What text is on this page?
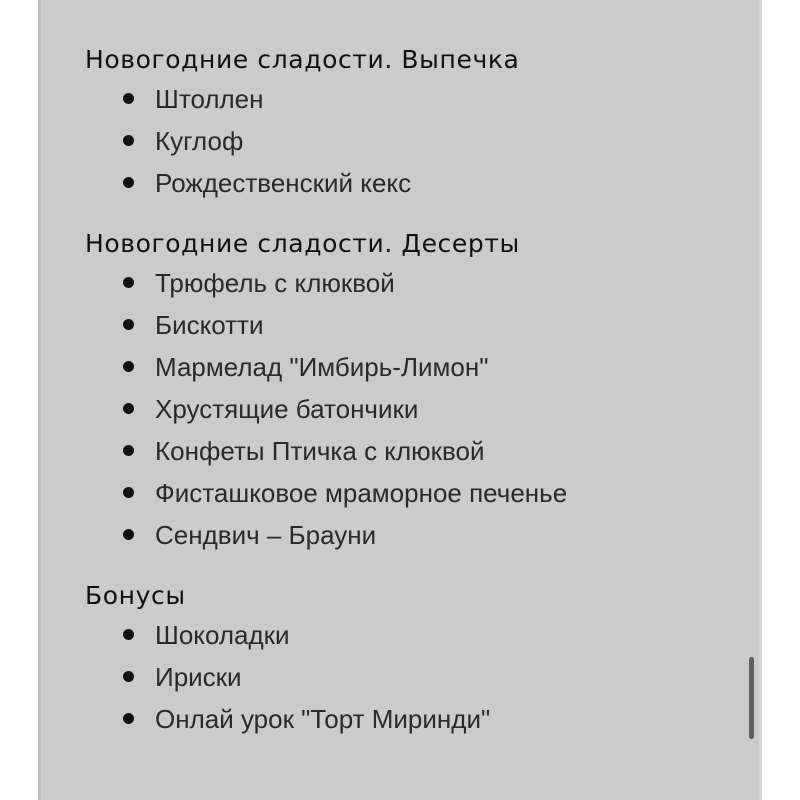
Новогодние сладости. Выпечка
Штоллен
Куглоф
Рождественский кекс
Новогодние сладости. Десерты
Трюфель с клюквой
Бискотти
Мармелад "Имбирь-Лимон"
Хрустящие батончики
Конфеты Птичка с клюквой
Фисташковое мраморное печенье
Сендвич – Брауни
Бонусы
Шоколадки
Ириски
Онлай урок "Торт Миринди"
